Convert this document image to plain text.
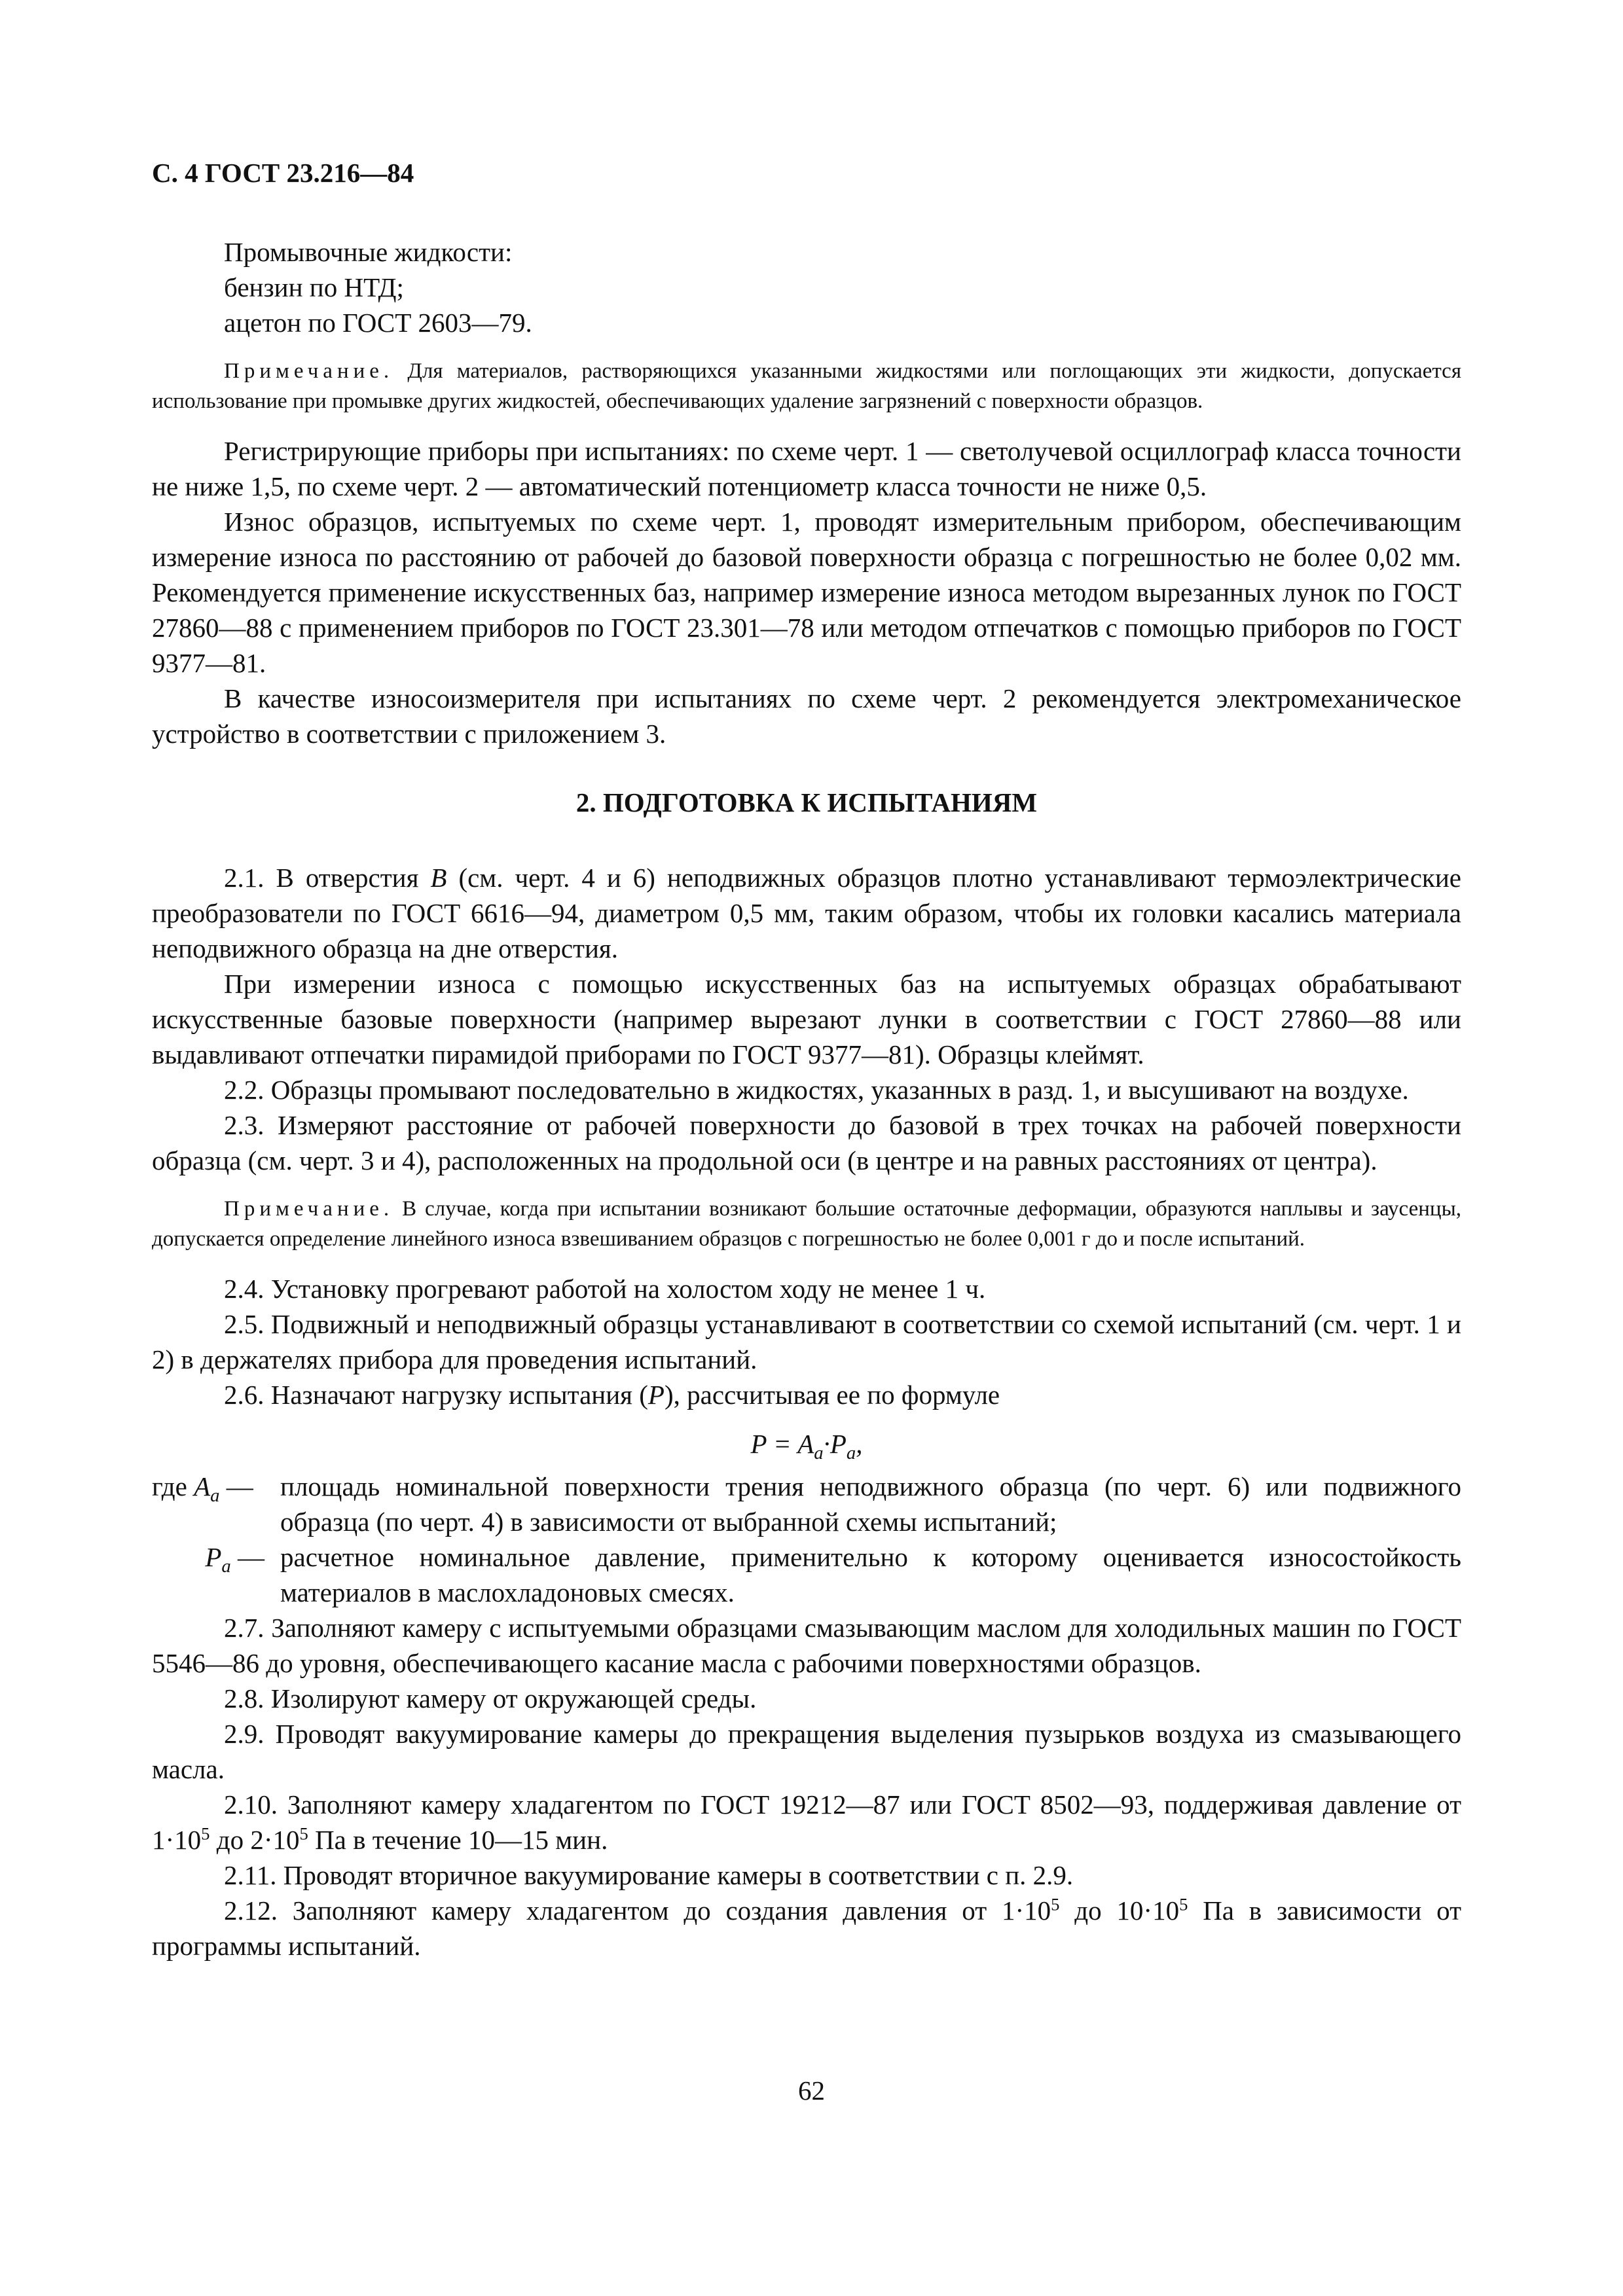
С. 4 ГОСТ 23.216—84
Промывочные жидкости:
бензин по НТД;
ацетон по ГОСТ 2603—79.

Примечание. Для материалов, растворяющихся указанными жидкостями или поглощающих эти жидкости, допускается использование при промывке других жидкостей, обеспечивающих удаление загрязнений с поверхности образцов.

Регистрирующие приборы при испытаниях: по схеме черт. 1 — светолучевой осциллограф класса точности не ниже 1,5, по схеме черт. 2 — автоматический потенциометр класса точности не ниже 0,5.

Износ образцов, испытуемых по схеме черт. 1, проводят измерительным прибором, обеспечивающим измерение износа по расстоянию от рабочей до базовой поверхности образца с погрешностью не более 0,02 мм. Рекомендуется применение искусственных баз, например измерение износа методом вырезанных лунок по ГОСТ 27860—88 с применением приборов по ГОСТ 23.301—78 или методом отпечатков с помощью приборов по ГОСТ 9377—81.

В качестве износоизмерителя при испытаниях по схеме черт. 2 рекомендуется электромеханическое устройство в соответствии с приложением 3.

2. ПОДГОТОВКА К ИСПЫТАНИЯМ

2.1. В отверстия В (см. черт. 4 и 6) неподвижных образцов плотно устанавливают термоэлектрические преобразователи по ГОСТ 6616—94, диаметром 0,5 мм, таким образом, чтобы их головки касались материала неподвижного образца на дне отверстия.

При измерении износа с помощью искусственных баз на испытуемых образцах обрабатывают искусственные базовые поверхности (например вырезают лунки в соответствии с ГОСТ 27860—88 или выдавливают отпечатки пирамидой приборами по ГОСТ 9377—81). Образцы клеймят.

2.2. Образцы промывают последовательно в жидкостях, указанных в разд. 1, и высушивают на воздухе.

2.3. Измеряют расстояние от рабочей поверхности до базовой в трех точках на рабочей поверхности образца (см. черт. 3 и 4), расположенных на продольной оси (в центре и на равных расстояниях от центра).

Примечание. В случае, когда при испытании возникают большие остаточные деформации, образуются наплывы и заусенцы, допускается определение линейного износа взвешиванием образцов с погрешностью не более 0,001 г до и после испытаний.

2.4. Установку прогревают работой на холостом ходу не менее 1 ч.

2.5. Подвижный и неподвижный образцы устанавливают в соответствии со схемой испытаний (см. черт. 1 и 2) в держателях прибора для проведения испытаний.

2.6. Назначают нагрузку испытания (P), рассчитывая ее по формуле

$P = A_a\cdot P_a$,
где $A_a$ —	площадь номинальной поверхности трения неподвижного образца (по черт. 6) или подвижного образца (по черт. 4) в зависимости от выбранной схемы испытаний;
$P_a$ — расчетное номинальное давление, применительно к которому оценивается износостойкость материалов в маслохладоновых смесях.

2.7. Заполняют камеру с испытуемыми образцами смазывающим маслом для холодильных машин по ГОСТ 5546—86 до уровня, обеспечивающего касание масла с рабочими поверхностями образцов.

2.8. Изолируют камеру от окружающей среды.

2.9. Проводят вакуумирование камеры до прекращения выделения пузырьков воздуха из смазывающего масла.

2.10. Заполняют камеру хладагентом по ГОСТ 19212—87 или ГОСТ 8502—93, поддерживая давление от $1\cdot 10^5$ до $2\cdot 10^5$ Па в течение 10—15 мин.

2.11. Проводят вторичное вакуумирование камеры в соответствии с п. 2.9.

2.12. Заполняют камеру хладагентом до создания давления от $1\cdot 10^5$ до $10\cdot 10^5$ Па в зависимости от программы испытаний.

62
